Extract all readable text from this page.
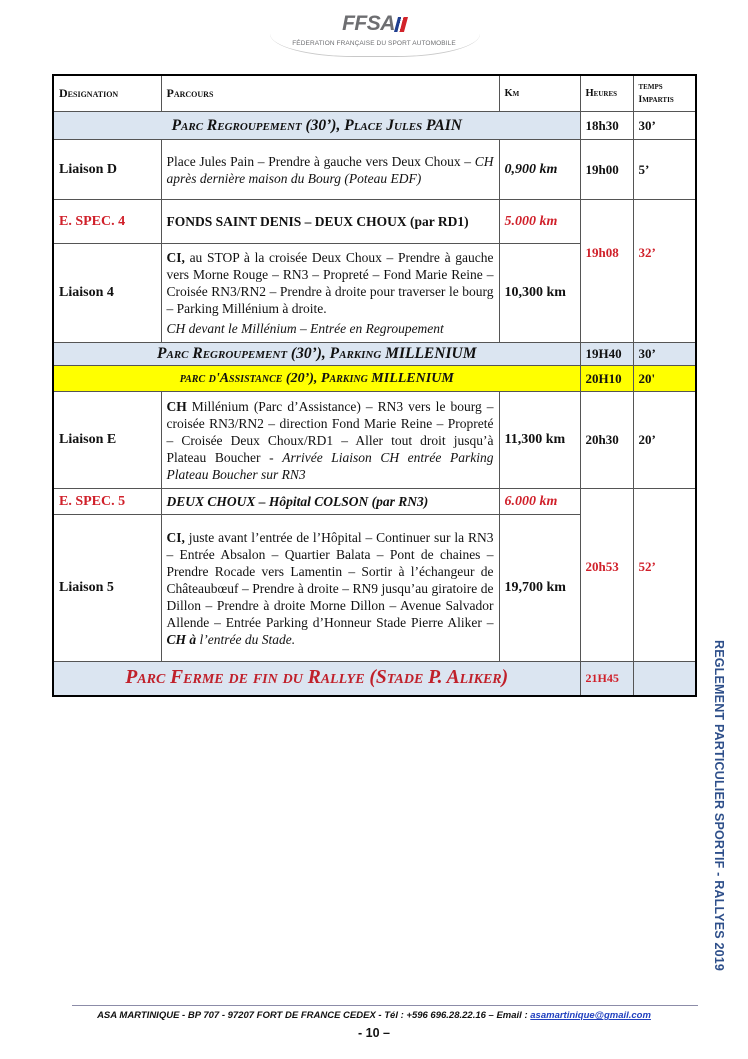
FFSA
FÉDERATION FRANÇAISE DU SPORT AUTOMOBILE
Designation	Parcours	Km	Heures	temps
Impartis
Parc Regroupement (30’), Place Jules PAIN			18h30	30’
Liaison D	Place Jules Pain – Prendre à gauche vers Deux Choux – CH après dernière maison du Bourg (Poteau EDF)	0,900 km	19h00	5’
E. SPEC. 4	FONDS SAINT DENIS – DEUX CHOUX (par RD1)	5.000 km	19h08	32’
Liaison 4	CI, au STOP à la croisée Deux Choux – Prendre à gauche vers Morne Rouge – RN3 – Propreté – Fond Marie Reine – Croisée RN3/RN2 – Prendre à droite pour traverser le bourg – Parking Millénium à droite.
CH devant le Millénium – Entrée en Regroupement	10,300 km		
Parc Regroupement (30’), Parking MILLENIUM			19H40	30’
parc d'Assistance (20’), Parking MILLENIUM			20H10	20'
Liaison E	CH Millénium (Parc d’Assistance) – RN3 vers le bourg – croisée RN3/RN2 – direction Fond Marie Reine – Propreté – Croisée Deux Choux/RD1 – Aller tout droit jusqu’à Plateau Boucher - Arrivée Liaison CH entrée Parking Plateau Boucher sur RN3	11,300 km	20h30	20’
E. SPEC. 5	DEUX CHOUX – Hôpital COLSON (par RN3)	6.000 km	20h53	52’
Liaison 5	CI, juste avant l’entrée de l’Hôpital – Continuer sur la RN3 – Entrée Absalon – Quartier Balata – Pont de chaines – Prendre Rocade vers Lamentin – Sortir à l’échangeur de Châteaubœuf – Prendre à droite – RN9 jusqu’au giratoire de Dillon – Prendre à droite Morne Dillon – Avenue Salvador Allende – Entrée Parking d’Honneur Stade Pierre Aliker – CH à l’entrée du Stade.	19,700 km		
Parc Ferme de fin du Rallye (Stade P. Aliker)			21H45		REGLEMENT PARTICULIER SPORTIF - RALLYES 2019
ASA MARTINIQUE - BP 707 - 97207 FORT DE FRANCE CEDEX - Tél : +596 696.28.22.16 – Email : asamartinique@gmail.com
- 10 –
